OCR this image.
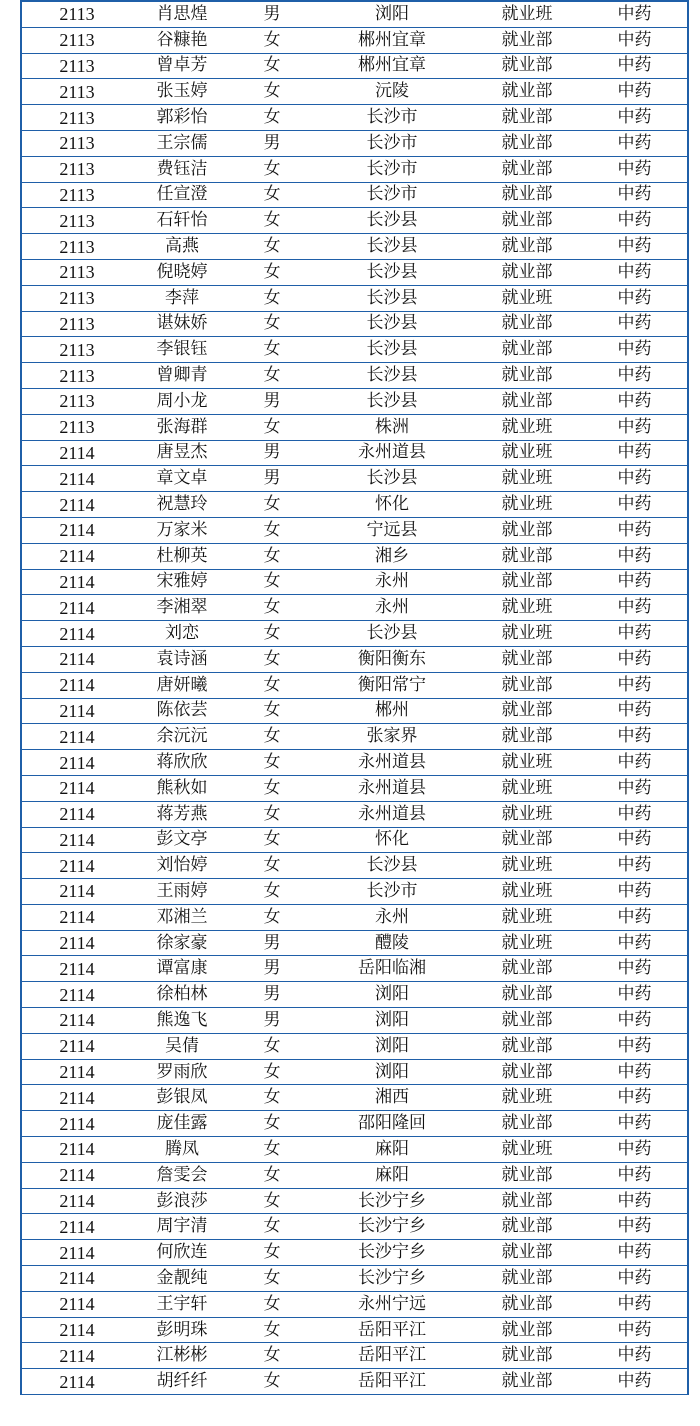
2113	肖思煌	男	浏阳	就业班	中药
2113	谷糠艳	女	郴州宜章	就业部	中药
2113	曾卓芳	女	郴州宜章	就业部	中药
2113	张玉婷	女	沅陵	就业部	中药
2113	郭彩怡	女	长沙市	就业部	中药
2113	王宗儒	男	长沙市	就业部	中药
2113	费钰洁	女	长沙市	就业部	中药
2113	任宣澄	女	长沙市	就业部	中药
2113	石轩怡	女	长沙县	就业部	中药
2113	高燕	女	长沙县	就业部	中药
2113	倪晓婷	女	长沙县	就业部	中药
2113	李萍	女	长沙县	就业班	中药
2113	谌妹娇	女	长沙县	就业部	中药
2113	李银钰	女	长沙县	就业部	中药
2113	曾卿青	女	长沙县	就业部	中药
2113	周小龙	男	长沙县	就业部	中药
2113	张海群	女	株洲	就业班	中药
2114	唐昱杰	男	永州道县	就业班	中药
2114	章文卓	男	长沙县	就业班	中药
2114	祝慧玲	女	怀化	就业班	中药
2114	万家米	女	宁远县	就业部	中药
2114	杜柳英	女	湘乡	就业部	中药
2114	宋雅婷	女	永州	就业部	中药
2114	李湘翠	女	永州	就业班	中药
2114	刘恋	女	长沙县	就业班	中药
2114	袁诗涵	女	衡阳衡东	就业部	中药
2114	唐妍曦	女	衡阳常宁	就业部	中药
2114	陈依芸	女	郴州	就业部	中药
2114	余沅沅	女	张家界	就业部	中药
2114	蒋欣欣	女	永州道县	就业班	中药
2114	熊秋如	女	永州道县	就业班	中药
2114	蒋芳燕	女	永州道县	就业班	中药
2114	彭文亭	女	怀化	就业部	中药
2114	刘怡婷	女	长沙县	就业班	中药
2114	王雨婷	女	长沙市	就业班	中药
2114	邓湘兰	女	永州	就业班	中药
2114	徐家豪	男	醴陵	就业班	中药
2114	谭富康	男	岳阳临湘	就业部	中药
2114	徐柏林	男	浏阳	就业部	中药
2114	熊逸飞	男	浏阳	就业部	中药
2114	吴倩	女	浏阳	就业部	中药
2114	罗雨欣	女	浏阳	就业部	中药
2114	彭银凤	女	湘西	就业班	中药
2114	庞佳露	女	邵阳隆回	就业部	中药
2114	腾凤	女	麻阳	就业班	中药
2114	詹雯会	女	麻阳	就业部	中药
2114	彭浪莎	女	长沙宁乡	就业部	中药
2114	周宇清	女	长沙宁乡	就业部	中药
2114	何欣连	女	长沙宁乡	就业部	中药
2114	金靓纯	女	长沙宁乡	就业部	中药
2114	王宇轩	女	永州宁远	就业部	中药
2114	彭明珠	女	岳阳平江	就业部	中药
2114	江彬彬	女	岳阳平江	就业部	中药
2114	胡纤纤	女	岳阳平江	就业部	中药
